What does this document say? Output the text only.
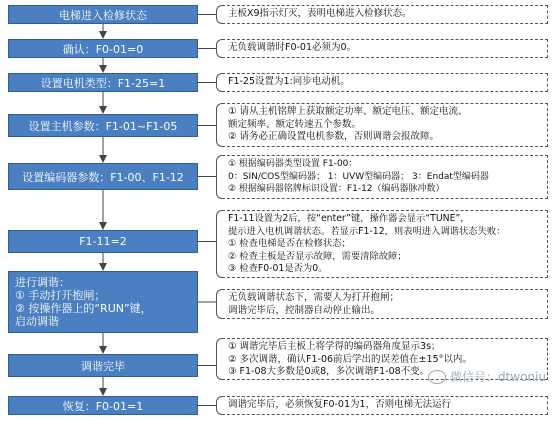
电梯进入检修状态
确认：F0-01=0
设置电机类型：F1-25=1
设置主机参数：F1-01~F1-05
设置编码器参数：F1-00、F1-12
F1-11=2
进行调谐：
① 手动打开抱闸；
② 按操作器上的“RUN”键，
启动调谐
调谐完毕
恢复：F0-01=1
主板X9指示灯灭，表明电梯进入检修状态。
无负载调谐时F0-01必须为0。
F1-25设置为1:同步电动机。
① 请从主机铭牌上获取额定功率、额定电压、额定电流、
额定频率、额定转速五个参数。
② 请务必正确设置电机参数，否则调谐会报故障。
① 根据编码器类型设置 F1-00：
0：SIN/COS型编码器； 1：UVW型编码器； 3：Endat型编码器
② 根据编码器铭牌标识设置：F1-12（编码器脉冲数）
F1-11设置为2后，按“enter”键，操作器会显示“TUNE”，
提示进入电机调谐状态。若显示F1-12，则表明进入调谐状态失败：
① 检查电梯是否在检修状态；
② 检查主板是否显示故障，需要清除故障；
③ 检查F0-01是否为0。
无负载调谐状态下，需要人为打开抱闸；
调谐完毕后，控制器自动停止输出。
① 调谐完毕后主板上将学得的编码器角度显示3s；
② 多次调谐，确认F1-06前后学出的误差值在±15°以内。
③ F1-08大多数是0或8，多次调谐F1-08不变。
调谐完毕后，必须恢复F0-01为1，否则电梯无法运行
微信号：dtwoniu
